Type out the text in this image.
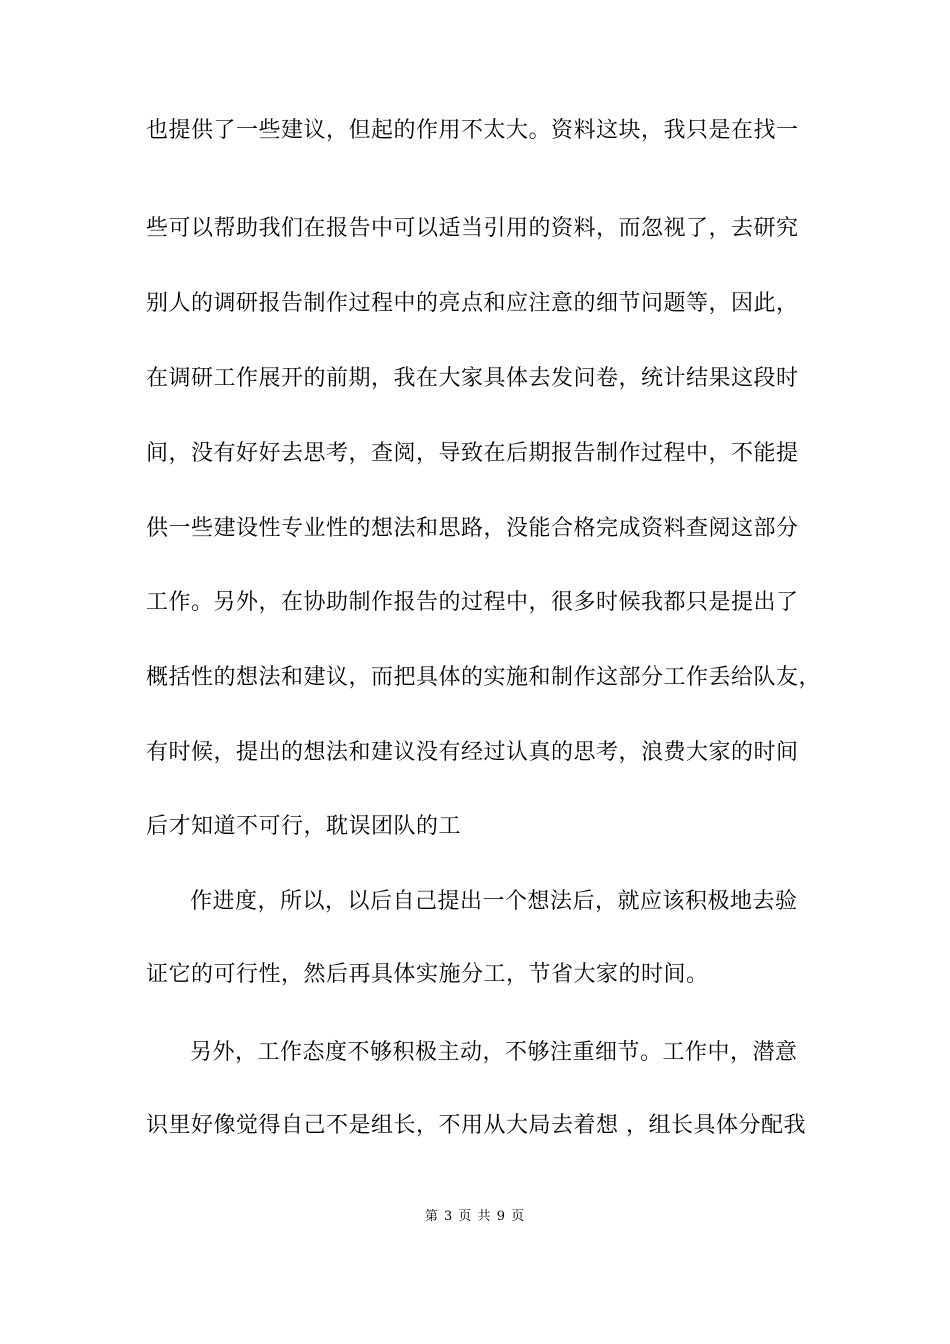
也提供了一些建议，但起的作用不太大。资料这块，我只是在找一
些可以帮助我们在报告中可以适当引用的资料，而忽视了，去研究
别人的调研报告制作过程中的亮点和应注意的细节问题等，因此，
在调研工作展开的前期，我在大家具体去发问卷，统计结果这段时
间，没有好好去思考，查阅，导致在后期报告制作过程中，不能提
供一些建设性专业性的想法和思路，没能合格完成资料查阅这部分
工作。另外，在协助制作报告的过程中，很多时候我都只是提出了
概括性的想法和建议，而把具体的实施和制作这部分工作丢给队友，
有时候，提出的想法和建议没有经过认真的思考，浪费大家的时间
后才知道不可行，耽误团队的工
作进度，所以，以后自己提出一个想法后，就应该积极地去验
证它的可行性，然后再具体实施分工，节省大家的时间。
另外，工作态度不够积极主动，不够注重细节。工作中，潜意
识里好像觉得自己不是组长，不用从大局去着想 ，组长具体分配我
第 3 页 共 9 页
